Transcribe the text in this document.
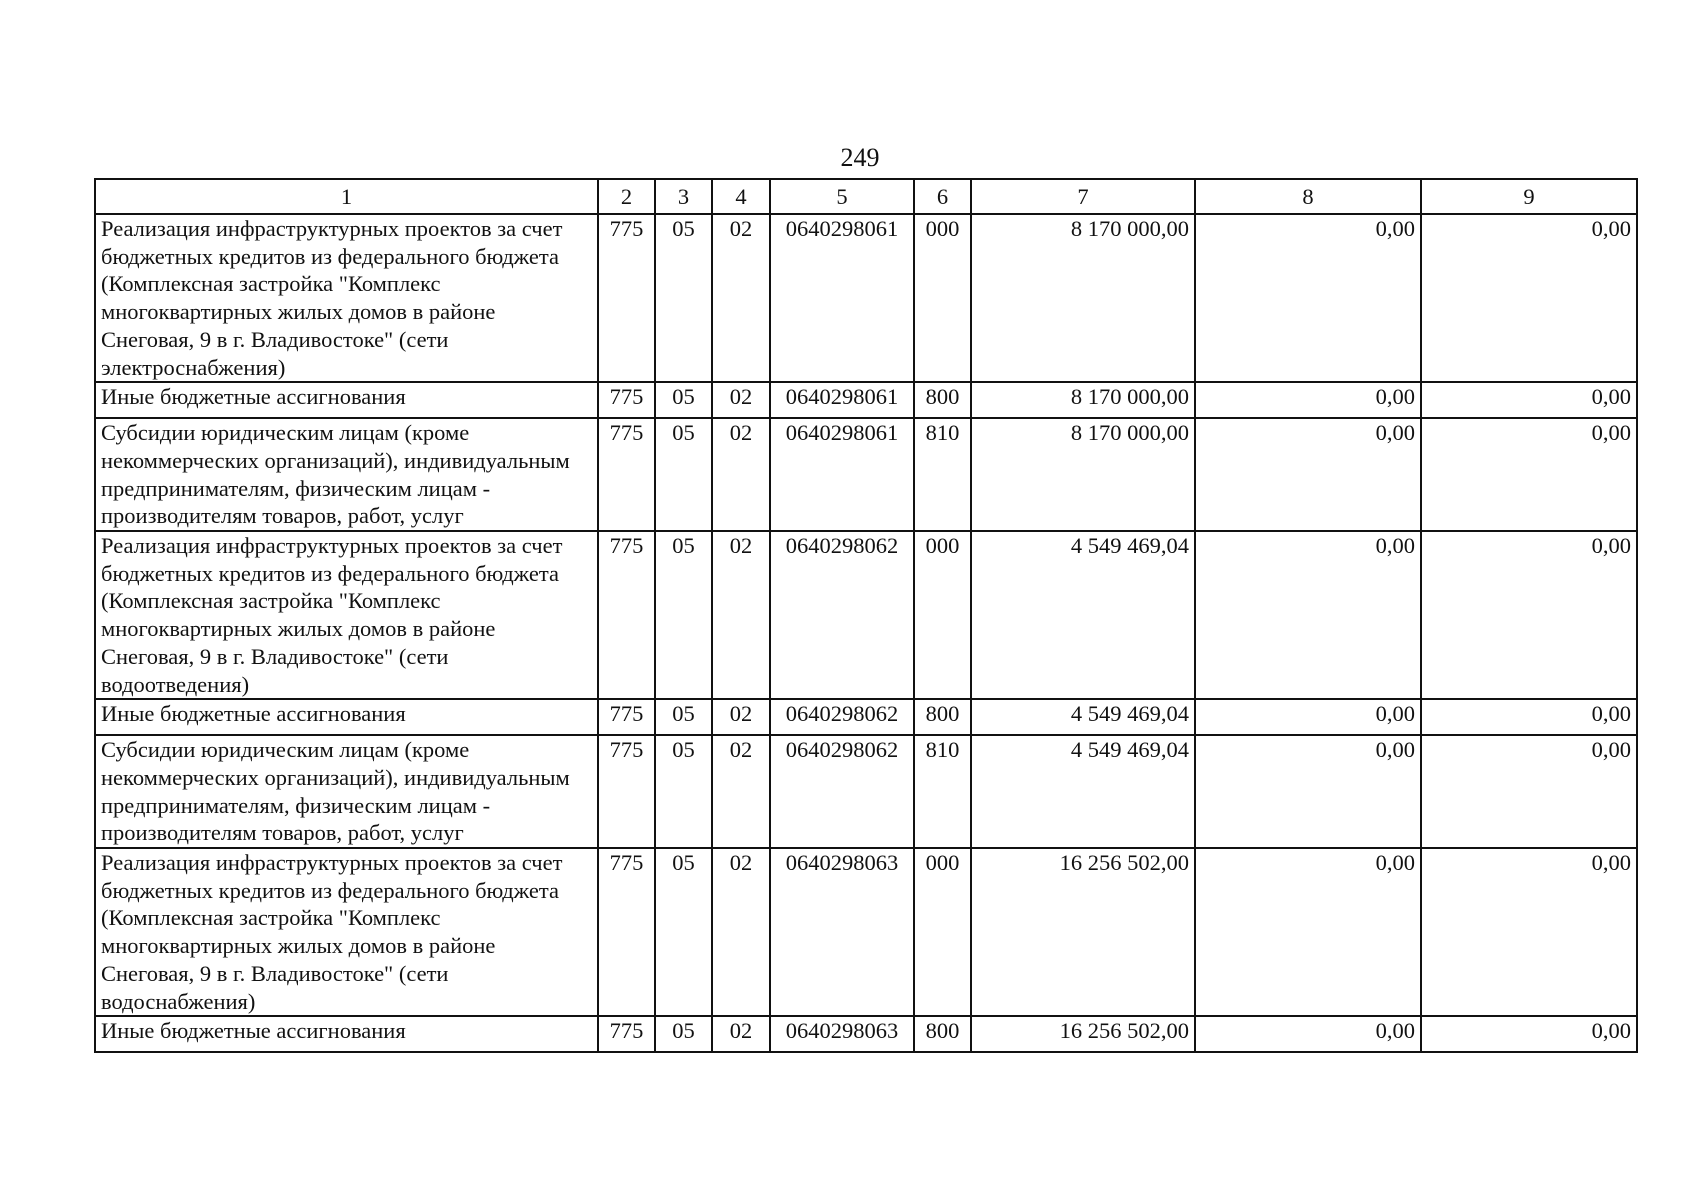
249
1	2	3	4	5	6	7	8	9
Реализация инфраструктурных проектов за счет бюджетных кредитов из федерального бюджета (Комплексная застройка "Комплекс многоквартирных жилых домов в районе Снеговая, 9 в г. Владивостоке" (сети электроснабжения)	775	05	02	0640298061	000	8 170 000,00	0,00	0,00
Иные бюджетные ассигнования	775	05	02	0640298061	800	8 170 000,00	0,00	0,00
Субсидии юридическим лицам (кроме некоммерческих организаций), индивидуальным предпринимателям, физическим лицам - производителям товаров, работ, услуг	775	05	02	0640298061	810	8 170 000,00	0,00	0,00
Реализация инфраструктурных проектов за счет бюджетных кредитов из федерального бюджета (Комплексная застройка "Комплекс многоквартирных жилых домов в районе Снеговая, 9 в г. Владивостоке" (сети водоотведения)	775	05	02	0640298062	000	4 549 469,04	0,00	0,00
Иные бюджетные ассигнования	775	05	02	0640298062	800	4 549 469,04	0,00	0,00
Субсидии юридическим лицам (кроме некоммерческих организаций), индивидуальным предпринимателям, физическим лицам - производителям товаров, работ, услуг	775	05	02	0640298062	810	4 549 469,04	0,00	0,00
Реализация инфраструктурных проектов за счет бюджетных кредитов из федерального бюджета (Комплексная застройка "Комплекс многоквартирных жилых домов в районе Снеговая, 9 в г. Владивостоке" (сети водоснабжения)	775	05	02	0640298063	000	16 256 502,00	0,00	0,00
Иные бюджетные ассигнования	775	05	02	0640298063	800	16 256 502,00	0,00	0,00
